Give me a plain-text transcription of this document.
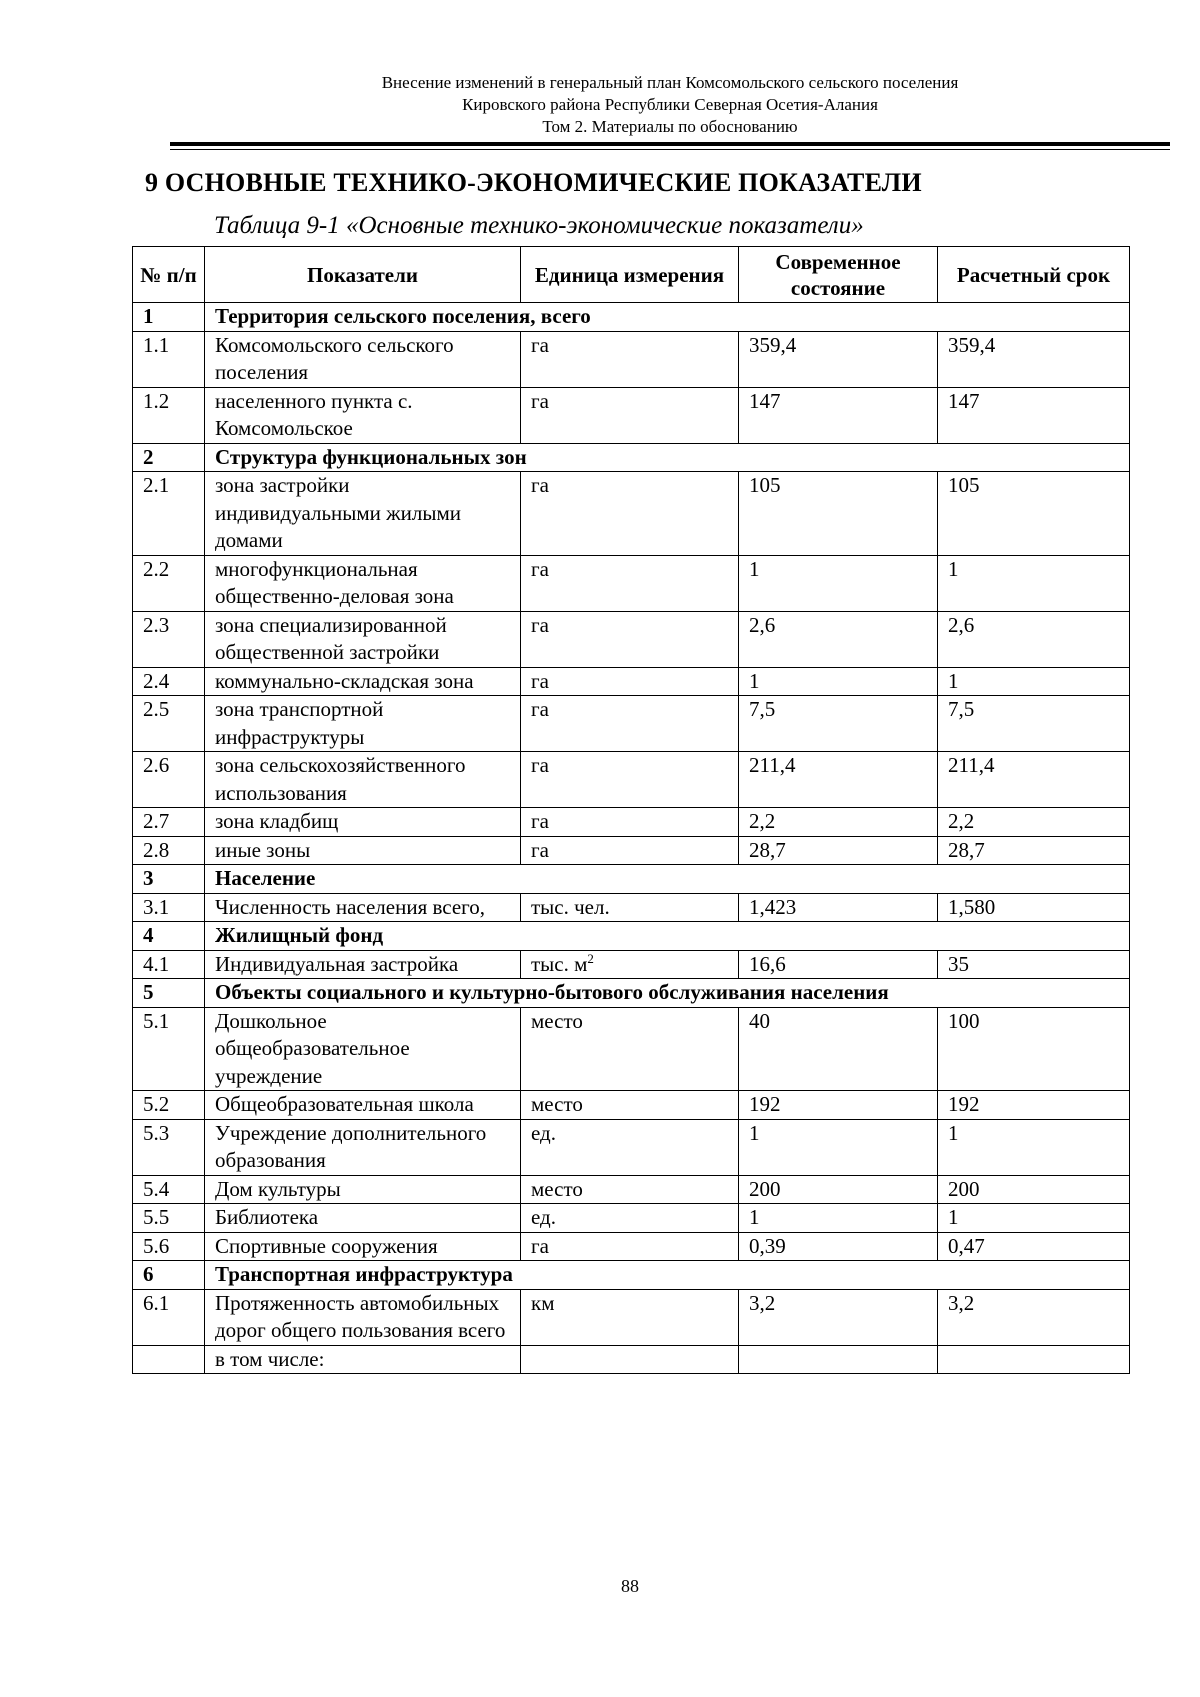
Внесение изменений в генеральный план Комсомольского сельского поселения
Кировского района Республики Северная Осетия-Алания
Том 2. Материалы по обоснованию
9 ОСНОВНЫЕ ТЕХНИКО-ЭКОНОМИЧЕСКИЕ ПОКАЗАТЕЛИ
Таблица 9-1 «Основные технико-экономические показатели»
№ п/п	Показатели	Единица измерения	Современное состояние	Расчетный срок
1	Территория сельского поселения, всего			
1.1	Комсомольского сельского поселения	га	359,4	359,4
1.2	населенного пункта с. Комсомольское	га	147	147
2	Структура функциональных зон			
2.1	зона застройки индивидуальными жилыми домами	га	105	105
2.2	многофункциональная общественно-деловая зона	га	1	1
2.3	зона специализированной общественной застройки	га	2,6	2,6
2.4	коммунально-складская зона	га	1	1
2.5	зона транспортной инфраструктуры	га	7,5	7,5
2.6	зона сельскохозяйственного использования	га	211,4	211,4
2.7	зона кладбищ	га	2,2	2,2
2.8	иные зоны	га	28,7	28,7
3	Население			
3.1	Численность населения всего,	тыс. чел.	1,423	1,580
4	Жилищный фонд			
4.1	Индивидуальная застройка	тыс. $м^2$	16,6	35
5	Объекты социального и культурно-бытового обслуживания населения			
5.1	Дошкольное общеобразовательное учреждение	место	40	100
5.2	Общеобразовательная школа	место	192	192
5.3	Учреждение дополнительного образования	ед.	1	1
5.4	Дом культуры	место	200	200
5.5	Библиотека	ед.	1	1
5.6	Спортивные сооружения	га	0,39	0,47
6	Транспортная инфраструктура			
6.1	Протяженность автомобильных дорог общего пользования всего	км	3,2	3,2
	в том числе:			
88
